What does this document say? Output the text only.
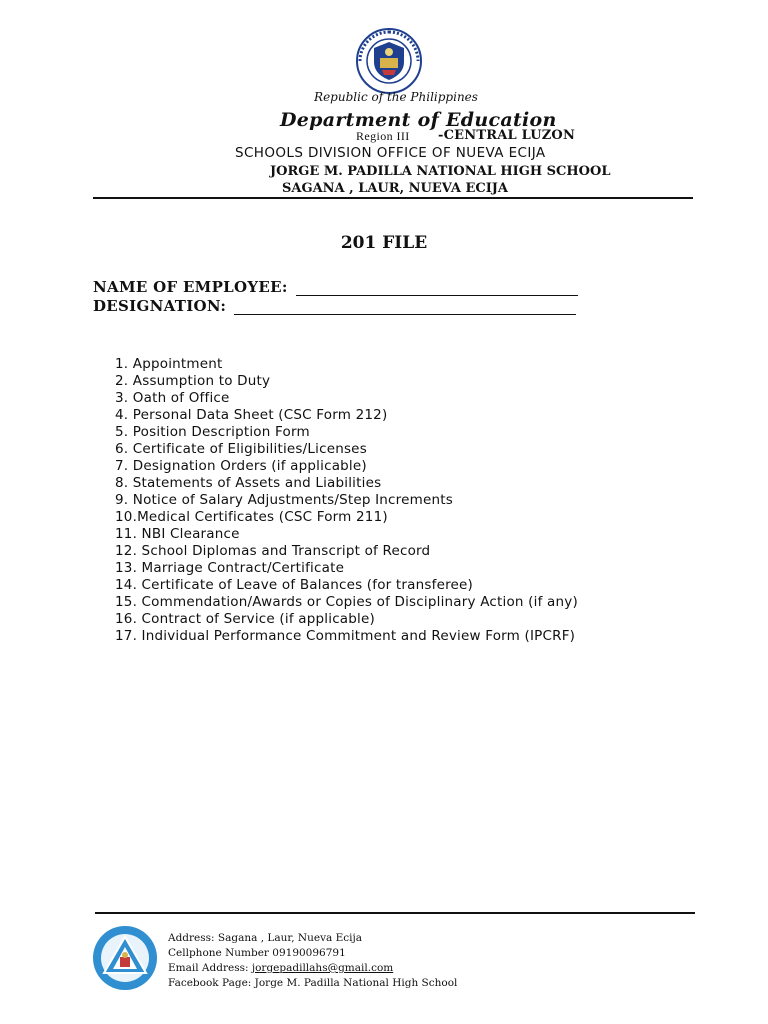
Republic of the Philippines
Department of Education
Region III -CENTRAL LUZON
SCHOOLS DIVISION OFFICE OF NUEVA ECIJA
JORGE M. PADILLA NATIONAL HIGH SCHOOL
SAGANA , LAUR, NUEVA ECIJA
201 FILE
NAME OF EMPLOYEE:
DESIGNATION:
1. Appointment
2. Assumption to Duty
3. Oath of Office
4. Personal Data Sheet (CSC Form 212)
5. Position Description Form
6. Certificate of Eligibilities/Licenses
7. Designation Orders (if applicable)
8. Statements of Assets and Liabilities
9. Notice of Salary Adjustments/Step Increments
10.Medical Certificates (CSC Form 211)
11. NBI Clearance
12. School Diplomas and Transcript of Record
13. Marriage Contract/Certificate
14. Certificate of Leave of Balances (for transferee)
15. Commendation/Awards or Copies of Disciplinary Action (if any)
16. Contract of Service (if applicable)
17. Individual Performance Commitment and Review Form (IPCRF)
Address: Sagana , Laur, Nueva Ecija
Cellphone Number 09190096791
Email Address: jorgepadillahs@gmail.com
Facebook Page: Jorge M. Padilla National High School
